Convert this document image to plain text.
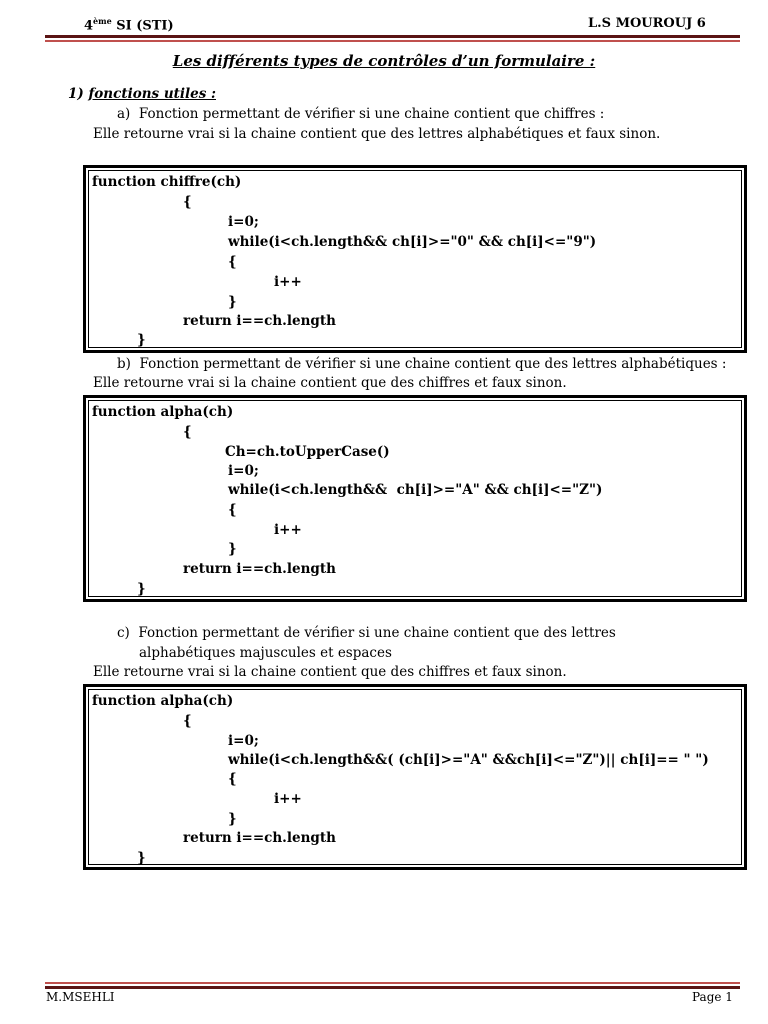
4ème SI (STI)	L.S MOUROUJ 6
Les différents types de contrôles d’un formulaire :
1) fonctions utiles :
a) Fonction permettant de vérifier si une chaine contient que chiffres :
Elle retourne vrai si la chaine contient que des lettres alphabétiques et faux sinon.
function chiffre(ch)
{
i=0;
while(i<ch.length&& ch[i]>="0" && ch[i]<="9")
{
i++
}
return i==ch.length
}
b) Fonction permettant de vérifier si une chaine contient que des lettres alphabétiques :
Elle retourne vrai si la chaine contient que des chiffres et faux sinon.
function alpha(ch)
{
Ch=ch.toUpperCase()
i=0;
while(i<ch.length&&  ch[i]>="A" && ch[i]<="Z")
{
i++
}
return i==ch.length
}
c) Fonction permettant de vérifier si une chaine contient que des lettres
alphabétiques majuscules et espaces
Elle retourne vrai si la chaine contient que des chiffres et faux sinon.
function alpha(ch)
{
i=0;
while(i<ch.length&&( (ch[i]>="A" &&ch[i]<="Z")|| ch[i]== " ")
{
i++
}
return i==ch.length
}
M.MSEHLI	Page 1
